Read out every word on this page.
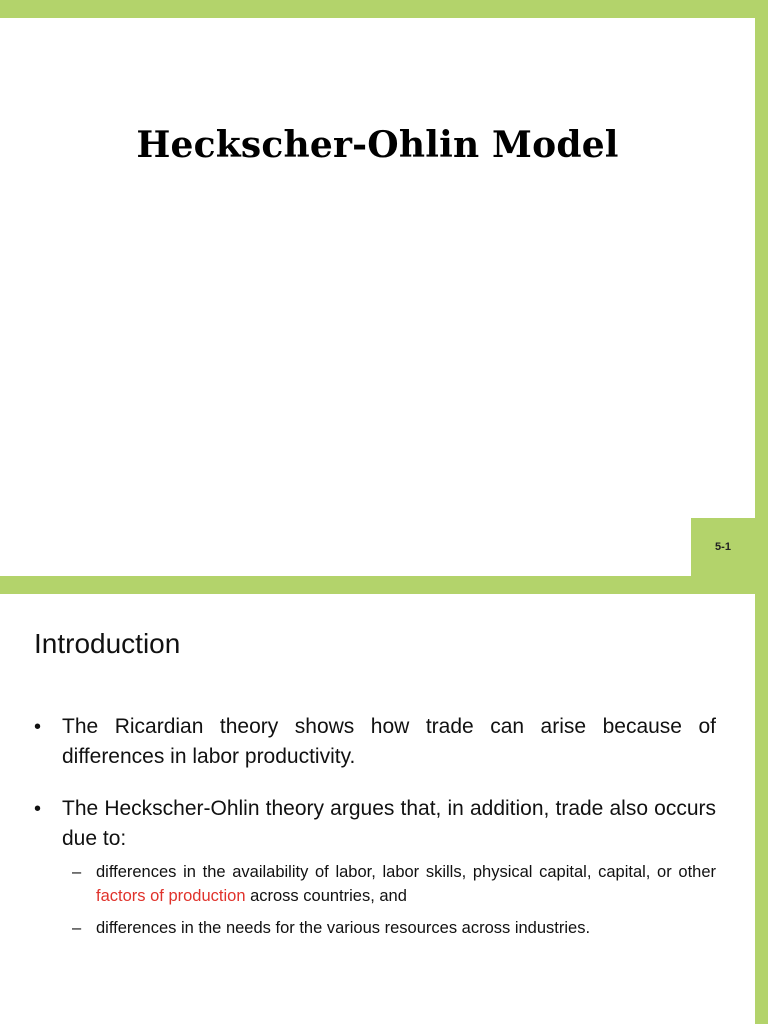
Heckscher-Ohlin Model
5-1
Introduction
• The Ricardian theory shows how trade can arise because of differences in labor productivity.
• The Heckscher-Ohlin theory argues that, in addition, trade also occurs due to:
– differences in the availability of labor, labor skills, physical capital, capital, or other factors of production across countries, and
– differences in the needs for the various resources across industries.
